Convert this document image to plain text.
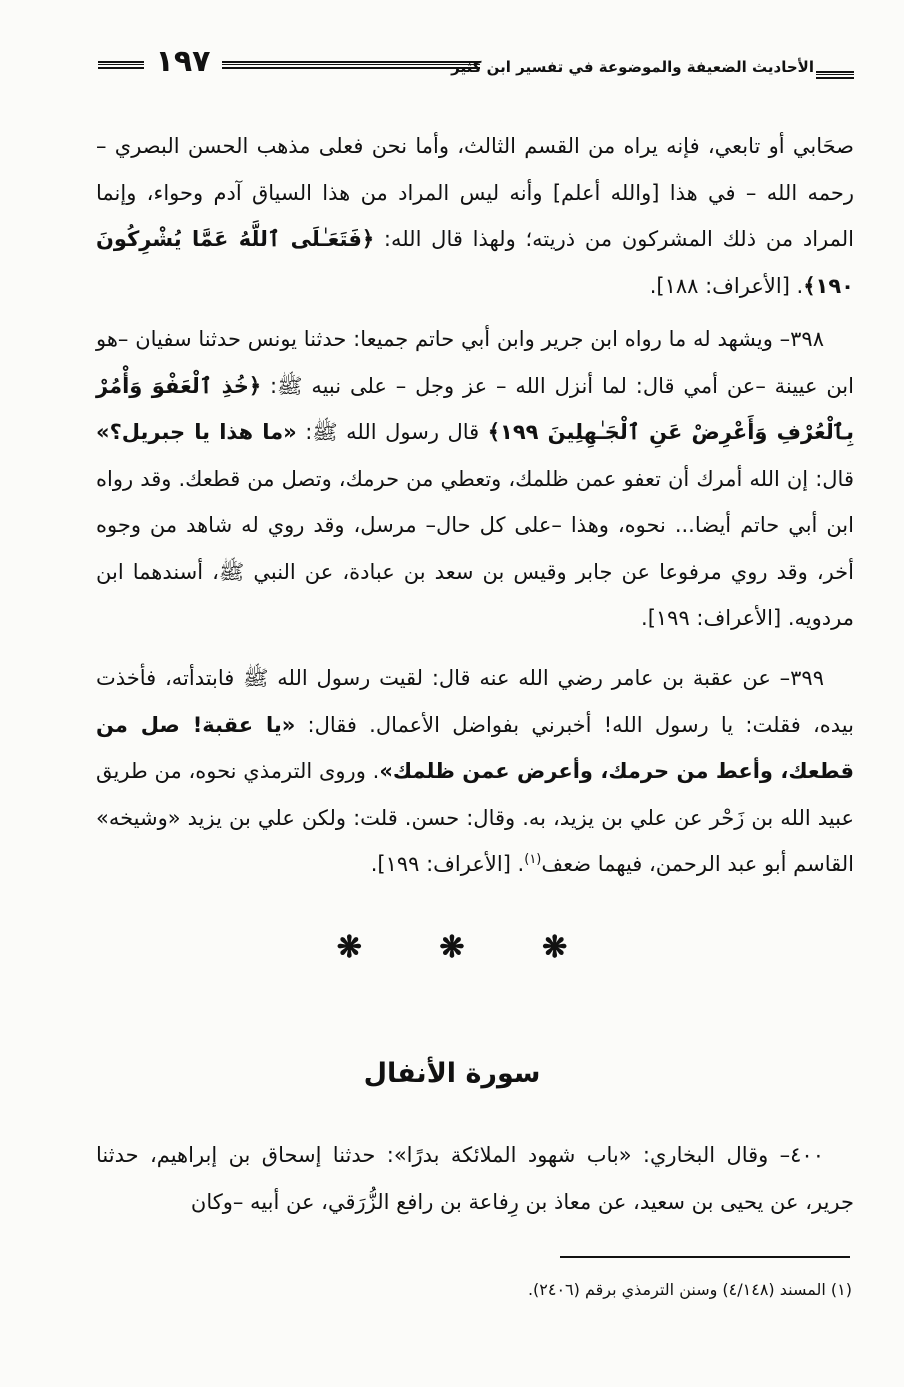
١٩٧	الأحاديث الضعيفة والموضوعة في تفسير ابن كثير

صحَابي أو تابعي، فإنه يراه من القسم الثالث، وأما نحن فعلى مذهب الحسن البصري – رحمه الله – في هذا [والله أعلم] وأنه ليس المراد من هذا السياق آدم وحواء، وإنما المراد من ذلك المشركون من ذريته؛ ولهذا قال الله: ﴿فَتَعَـٰلَى ٱللَّهُ عَمَّا يُشْرِكُونَ ١٩٠﴾. [الأعراف: ١٨٨].

٣٩٨– ويشهد له ما رواه ابن جرير وابن أبي حاتم جميعا: حدثنا يونس حدثنا سفيان –هو ابن عيينة –عن أمي قال: لما أنزل الله – عز وجل – على نبيه ﷺ: ﴿خُذِ ٱلْعَفْوَ وَأْمُرْ بِٱلْعُرْفِ وَأَعْرِضْ عَنِ ٱلْجَـٰهِلِينَ ١٩٩﴾ قال رسول الله ﷺ: «ما هذا يا جبريل؟» قال: إن الله أمرك أن تعفو عمن ظلمك، وتعطي من حرمك، وتصل من قطعك. وقد رواه ابن أبي حاتم أيضا... نحوه، وهذا –على كل حال– مرسل، وقد روي له شاهد من وجوه أخر، وقد روي مرفوعا عن جابر وقيس بن سعد بن عبادة، عن النبي ﷺ، أسندهما ابن مردويه. [الأعراف: ١٩٩].

٣٩٩– عن عقبة بن عامر رضي الله عنه قال: لقيت رسول الله ﷺ فابتدأته، فأخذت بيده، فقلت: يا رسول الله! أخبرني بفواضل الأعمال. فقال: «يا عقبة! صل من قطعك، وأعط من حرمك، وأعرض عمن ظلمك». وروى الترمذي نحوه، من طريق عبيد الله بن زَحْر عن علي بن يزيد، به. وقال: حسن. قلت: ولكن علي بن يزيد «وشيخه» القاسم أبو عبد الرحمن، فيهما ضعف$^{(١)}$. [الأعراف: ١٩٩].

❋ ❋ ❋
سورة الأنفال

٤٠٠– وقال البخاري: «باب شهود الملائكة بدرًا»: حدثنا إسحاق بن إبراهيم، حدثنا جرير، عن يحيى بن سعيد، عن معاذ بن رِفاعة بن رافع الزُّرَقي، عن أبيه –وكان

(١) المسند (٤/١٤٨) وسنن الترمذي برقم (٢٤٠٦).
